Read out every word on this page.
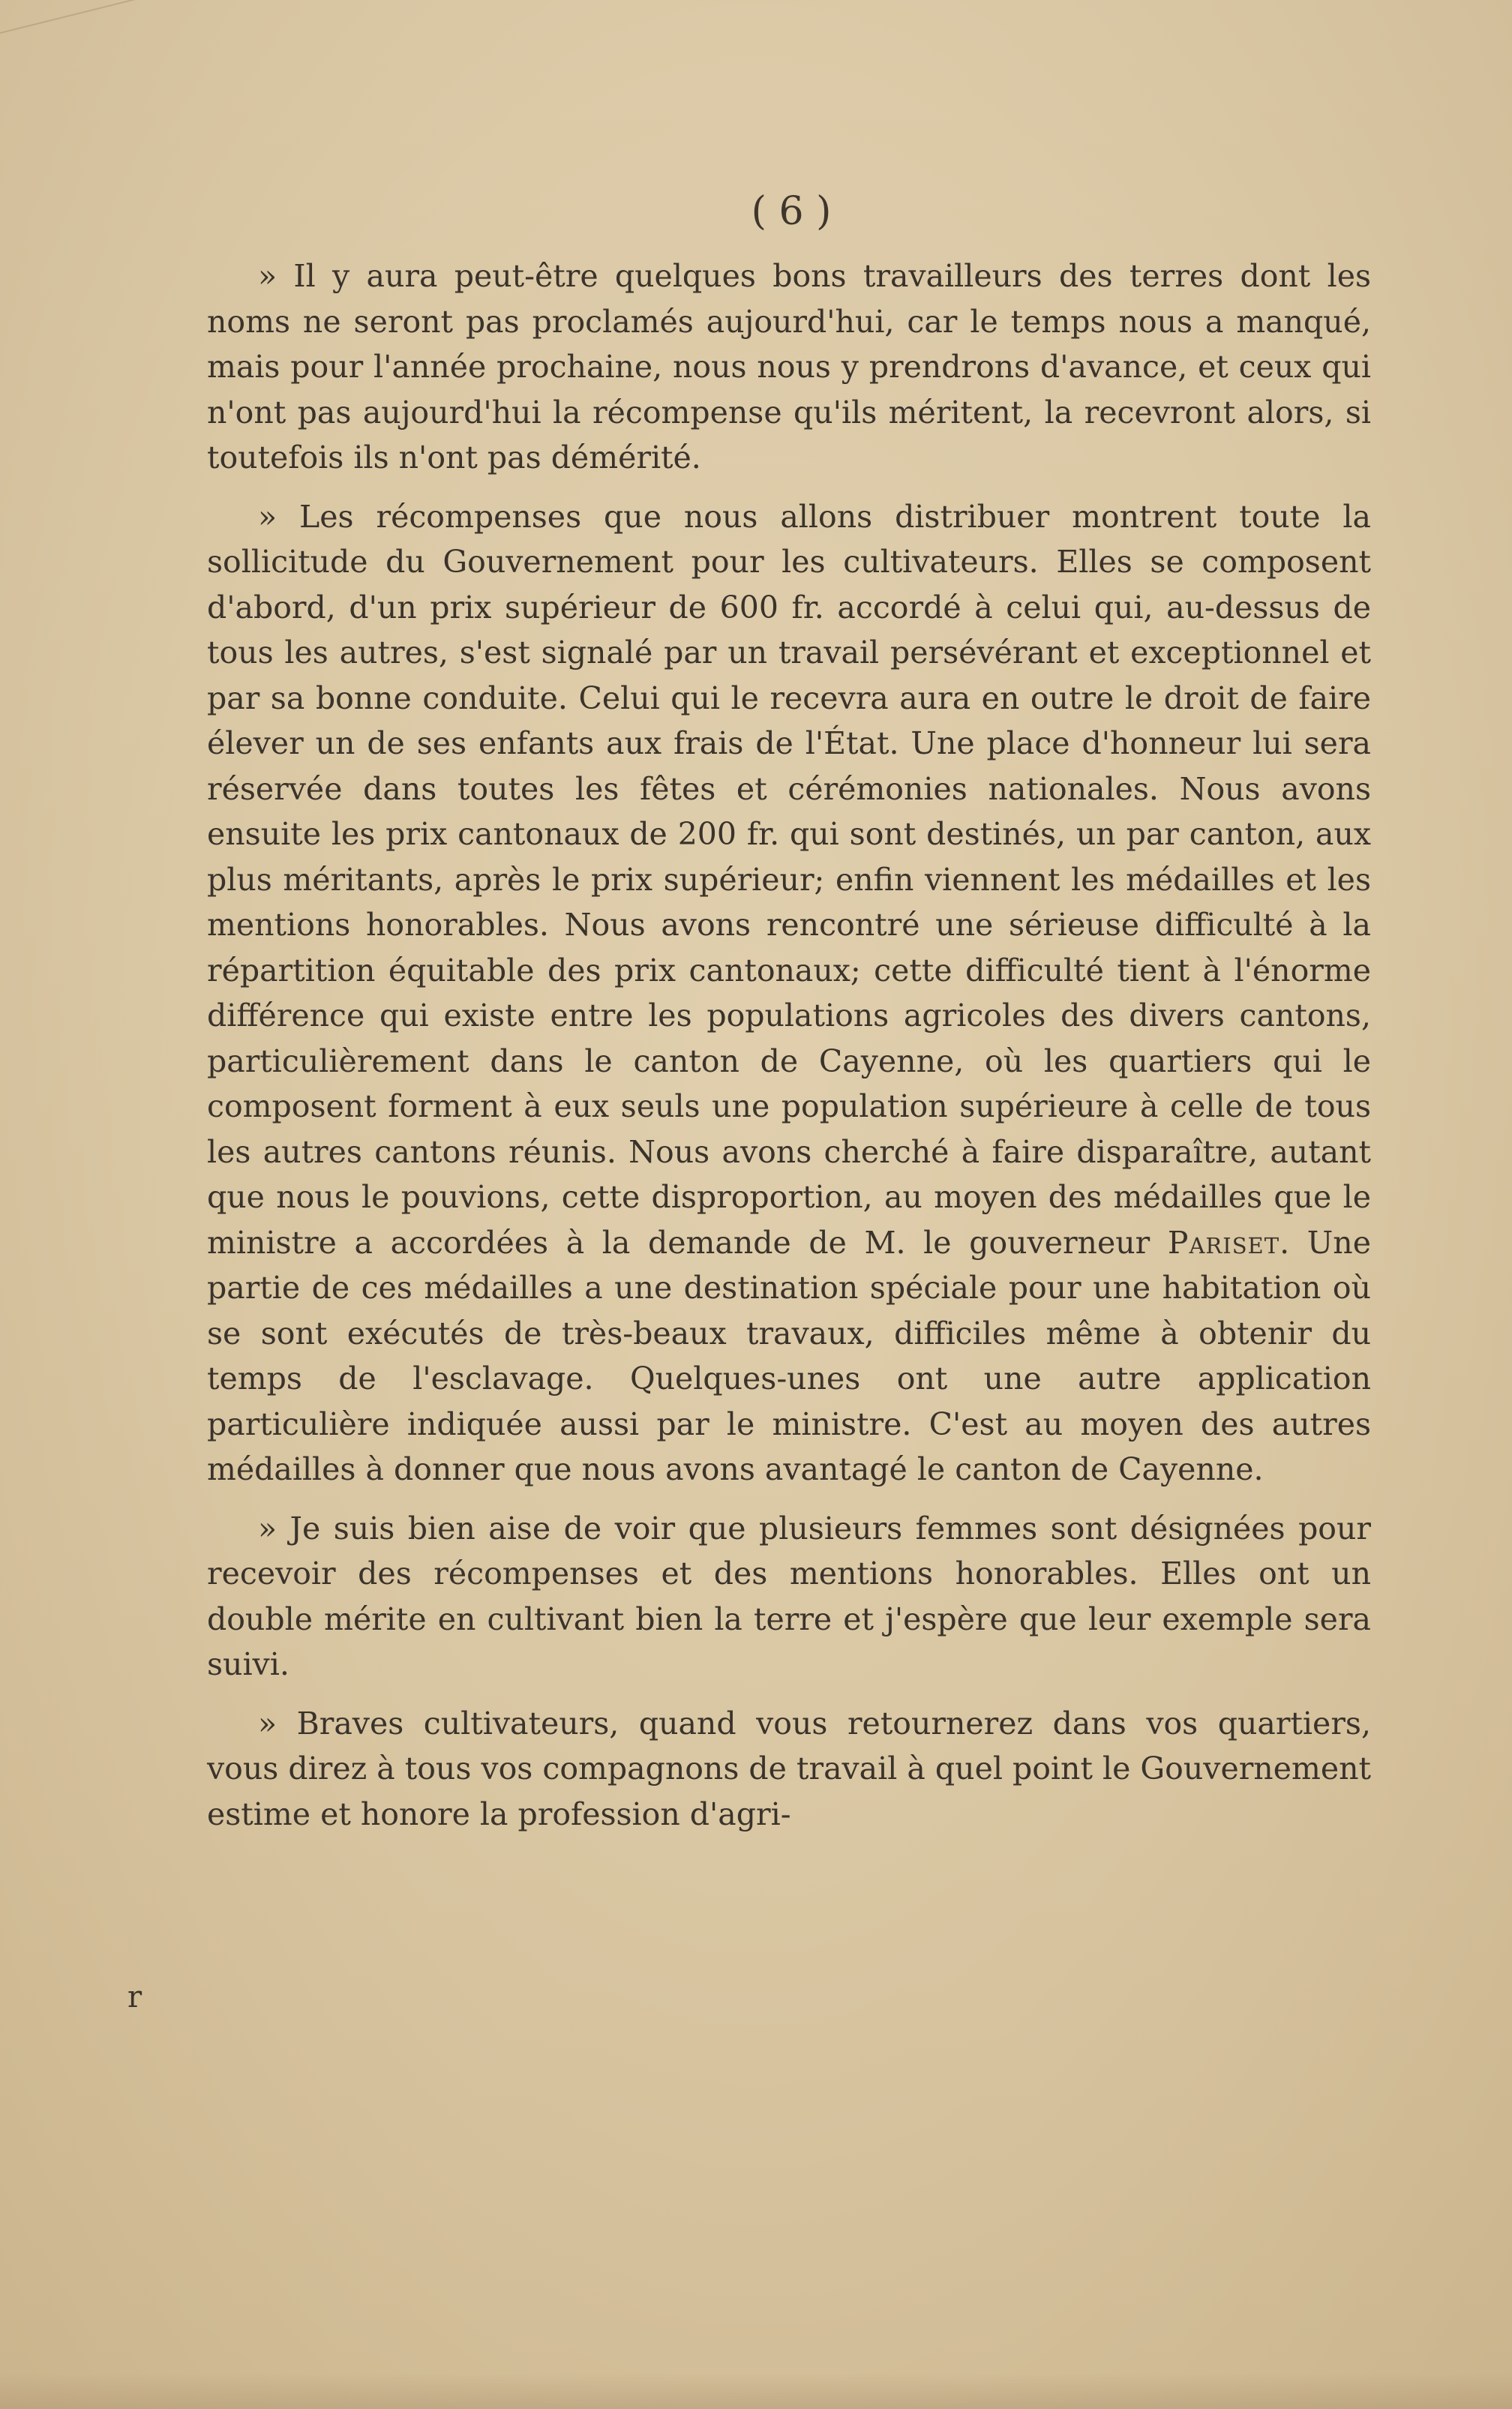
( 6 )

» Il y aura peut-être quelques bons travailleurs des terres dont les noms ne seront pas proclamés aujourd'hui, car le temps nous a manqué, mais pour l'année prochaine, nous nous y prendrons d'avance, et ceux qui n'ont pas aujourd'hui la récompense qu'ils méritent, la recevront alors, si toutefois ils n'ont pas démérité.

» Les récompenses que nous allons distribuer montrent toute la sollicitude du Gouvernement pour les cultivateurs. Elles se composent d'abord, d'un prix supérieur de 600 fr. accordé à celui qui, au-dessus de tous les autres, s'est signalé par un travail persévérant et exceptionnel et par sa bonne conduite. Celui qui le recevra aura en outre le droit de faire élever un de ses enfants aux frais de l'État. Une place d'honneur lui sera réservée dans toutes les fêtes et cérémonies nationales. Nous avons ensuite les prix cantonaux de 200 fr. qui sont destinés, un par canton, aux plus méritants, après le prix supérieur; enfin viennent les médailles et les mentions honorables. Nous avons rencontré une sérieuse difficulté à la répartition équitable des prix cantonaux; cette difficulté tient à l'énorme différence qui existe entre les populations agricoles des divers cantons, particulièrement dans le canton de Cayenne, où les quartiers qui le composent forment à eux seuls une population supérieure à celle de tous les autres cantons réunis. Nous avons cherché à faire disparaître, autant que nous le pouvions, cette disproportion, au moyen des médailles que le ministre a accordées à la demande de M. le gouverneur Pariset. Une partie de ces médailles a une destination spéciale pour une habitation où se sont exécutés de très-beaux travaux, difficiles même à obtenir du temps de l'esclavage. Quelques-unes ont une autre application particulière indiquée aussi par le ministre. C'est au moyen des autres médailles à donner que nous avons avantagé le canton de Cayenne.

» Je suis bien aise de voir que plusieurs femmes sont désignées pour recevoir des récompenses et des mentions honorables. Elles ont un double mérite en cultivant bien la terre et j'espère que leur exemple sera suivi.

» Braves cultivateurs, quand vous retournerez dans vos quartiers, vous direz à tous vos compagnons de travail à quel point le Gouvernement estime et honore la profession d'agri-

r
